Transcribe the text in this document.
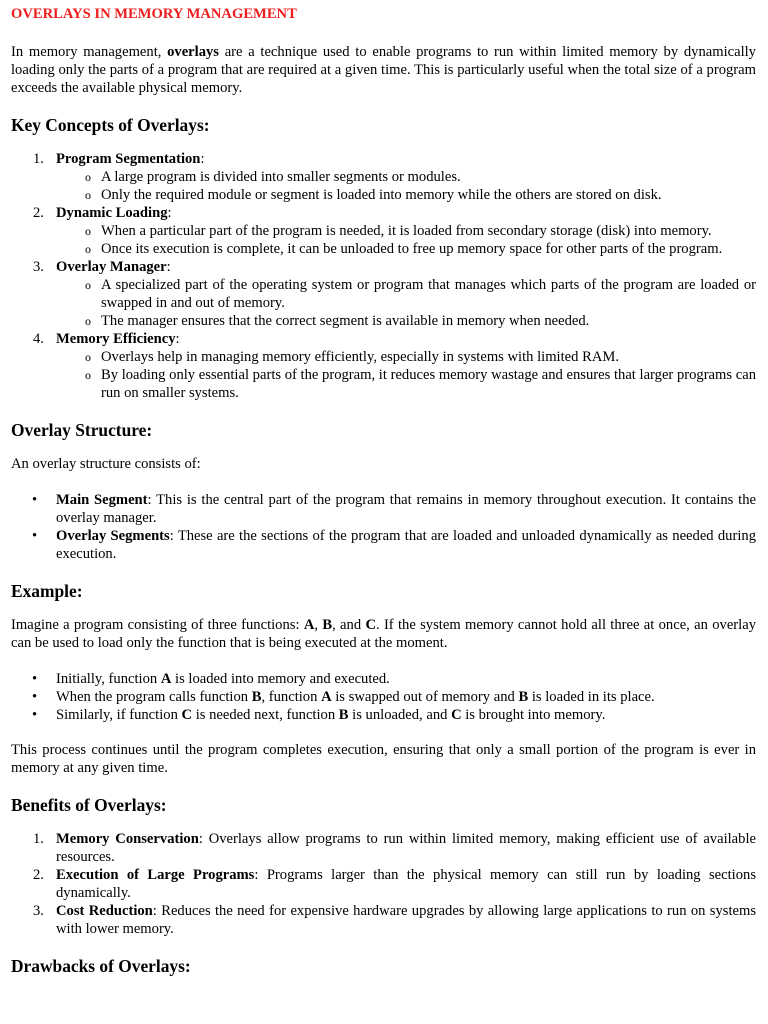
OVERLAYS IN MEMORY MANAGEMENT

In memory management, overlays are a technique used to enable programs to run within limited memory by dynamically loading only the parts of a program that are required at a given time. This is particularly useful when the total size of a program exceeds the available physical memory.

Key Concepts of Overlays:
1. Program Segmentation:
o A large program is divided into smaller segments or modules.
o Only the required module or segment is loaded into memory while the others are stored on disk.
2. Dynamic Loading:
o When a particular part of the program is needed, it is loaded from secondary storage (disk) into memory.
o Once its execution is complete, it can be unloaded to free up memory space for other parts of the program.
3. Overlay Manager:
o A specialized part of the operating system or program that manages which parts of the program are loaded or swapped in and out of memory.
o The manager ensures that the correct segment is available in memory when needed.
4. Memory Efficiency:
o Overlays help in managing memory efficiently, especially in systems with limited RAM.
o By loading only essential parts of the program, it reduces memory wastage and ensures that larger programs can run on smaller systems.
Overlay Structure:

An overlay structure consists of:

• Main Segment: This is the central part of the program that remains in memory throughout execution. It contains the overlay manager.
• Overlay Segments: These are the sections of the program that are loaded and unloaded dynamically as needed during execution.
Example:

Imagine a program consisting of three functions: A, B, and C. If the system memory cannot hold all three at once, an overlay can be used to load only the function that is being executed at the moment.

• Initially, function A is loaded into memory and executed.
• When the program calls function B, function A is swapped out of memory and B is loaded in its place.
• Similarly, if function C is needed next, function B is unloaded, and C is brought into memory.

This process continues until the program completes execution, ensuring that only a small portion of the program is ever in memory at any given time.

Benefits of Overlays:
1. Memory Conservation: Overlays allow programs to run within limited memory, making efficient use of available resources.
2. Execution of Large Programs: Programs larger than the physical memory can still run by loading sections dynamically.
3. Cost Reduction: Reduces the need for expensive hardware upgrades by allowing large applications to run on systems with lower memory.
Drawbacks of Overlays:
